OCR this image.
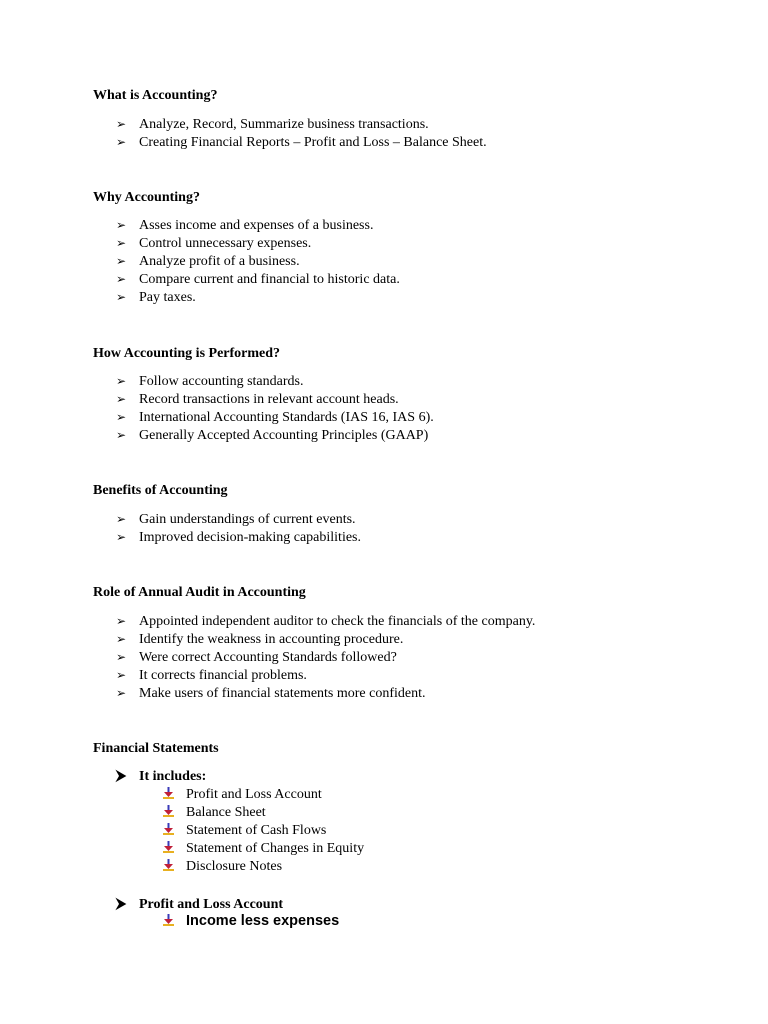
What is Accounting?
➢ Analyze, Record, Summarize business transactions.
➢ Creating Financial Reports – Profit and Loss – Balance Sheet.
Why Accounting?
➢ Asses income and expenses of a business.
➢ Control unnecessary expenses.
➢ Analyze profit of a business.
➢ Compare current and financial to historic data.
➢ Pay taxes.
How Accounting is Performed?
➢ Follow accounting standards.
➢ Record transactions in relevant account heads.
➢ International Accounting Standards (IAS 16, IAS 6).
➢ Generally Accepted Accounting Principles (GAAP)
Benefits of Accounting
➢ Gain understandings of current events.
➢ Improved decision-making capabilities.
Role of Annual Audit in Accounting
➢ Appointed independent auditor to check the financials of the company.
➢ Identify the weakness in accounting procedure.
➢ Were correct Accounting Standards followed?
➢ It corrects financial problems.
➢ Make users of financial statements more confident.
Financial Statements
⮞ It includes:
Profit and Loss Account
Balance Sheet
Statement of Cash Flows
Statement of Changes in Equity
Disclosure Notes
⮞ Profit and Loss Account
Income less expenses
